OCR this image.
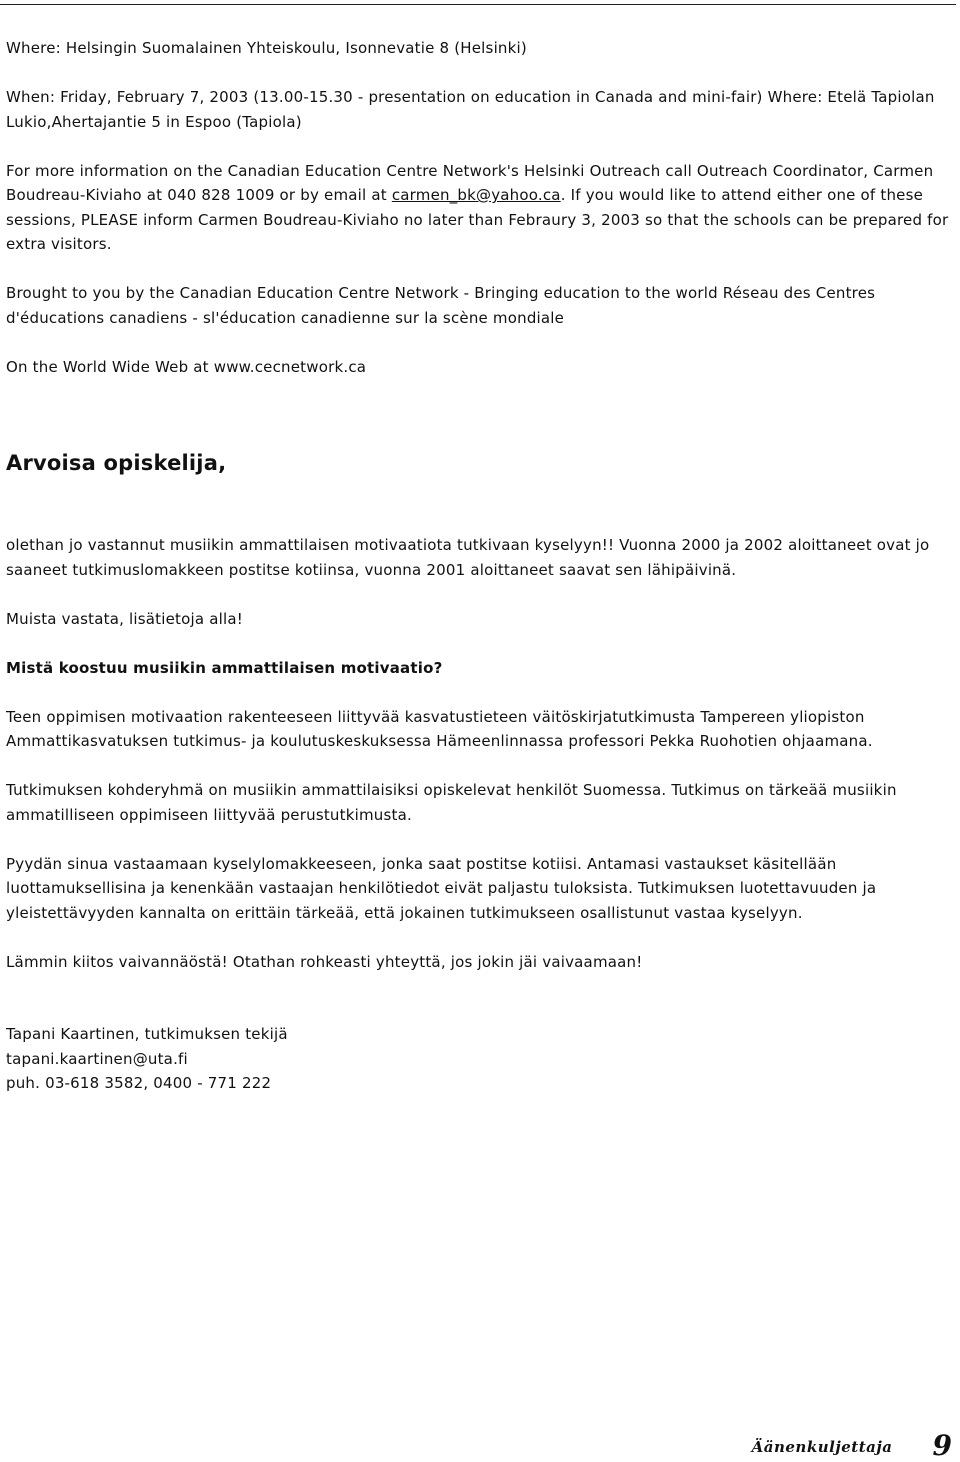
Where: Helsingin Suomalainen Yhteiskoulu, Isonnevatie 8 (Helsinki)

When: Friday, February 7, 2003 (13.00-15.30 - presentation on education in Canada and mini-fair) Where: Etelä Tapiolan Lukio,Ahertajantie 5 in Espoo (Tapiola)

For more information on the Canadian Education Centre Network's Helsinki Outreach call Outreach Coordinator, Carmen Boudreau-Kiviaho at 040 828 1009 or by email at carmen_bk@yahoo.ca. If you would like to attend either one of these sessions, PLEASE inform Carmen Boudreau-Kiviaho no later than Febraury 3, 2003 so that the schools can be prepared for extra visitors.

Brought to you by the Canadian Education Centre Network - Bringing education to the world Réseau des Centres d'éducations canadiens - sl'éducation canadienne sur la scène mondiale

On the World Wide Web at www.cecnetwork.ca

Arvoisa opiskelija,

olethan jo vastannut musiikin ammattilaisen motivaatiota tutkivaan kyselyyn!! Vuonna 2000 ja 2002 aloittaneet ovat jo saaneet tutkimuslomakkeen postitse kotiinsa, vuonna 2001 aloittaneet saavat sen lähipäivinä.

Muista vastata, lisätietoja alla!

Mistä koostuu musiikin ammattilaisen motivaatio?

Teen oppimisen motivaation rakenteeseen liittyvää kasvatustieteen väitöskirjatutkimusta Tampereen yliopiston Ammattikasvatuksen tutkimus- ja koulutuskeskuksessa Hämeenlinnassa professori Pekka Ruohotien ohjaamana.

Tutkimuksen kohderyhmä on musiikin ammattilaisiksi opiskelevat henkilöt Suomessa. Tutkimus on tärkeää musiikin ammatilliseen oppimiseen liittyvää perustutkimusta.

Pyydän sinua vastaamaan kyselylomakkeeseen, jonka saat postitse kotiisi. Antamasi vastaukset käsitellään luottamuksellisina ja kenenkään vastaajan henkilötiedot eivät paljastu tuloksista. Tutkimuksen luotettavuuden ja yleistettävyyden kannalta on erittäin tärkeää, että jokainen tutkimukseen osallistunut vastaa kyselyyn.

Lämmin kiitos vaivannäöstä! Otathan rohkeasti yhteyttä, jos jokin jäi vaivaamaan!

Tapani Kaartinen, tutkimuksen tekijä
tapani.kaartinen@uta.fi
puh. 03-618 3582, 0400 - 771 222
Äänenkuljettaja 9
